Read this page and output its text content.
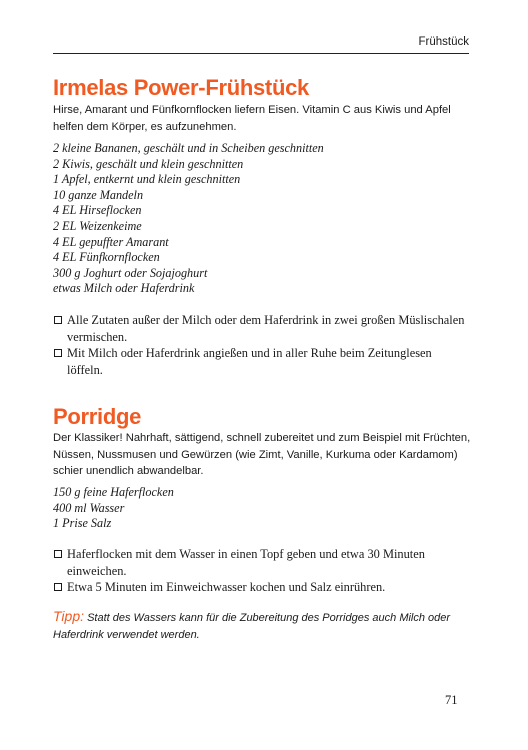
Frühstück
Irmelas Power-Frühstück
Hirse, Amarant und Fünfkornflocken liefern Eisen. Vitamin C aus Kiwis und Apfel helfen dem Körper, es aufzunehmen.
2 kleine Bananen, geschält und in Scheiben geschnitten
2 Kiwis, geschält und klein geschnitten
1 Apfel, entkernt und klein geschnitten
10 ganze Mandeln
4 EL Hirseflocken
2 EL Weizenkeime
4 EL gepuffter Amarant
4 EL Fünfkornflocken
300 g Joghurt oder Sojajoghurt
etwas Milch oder Haferdrink
Alle Zutaten außer der Milch oder dem Haferdrink in zwei großen Müslischalen vermischen.
Mit Milch oder Haferdrink angießen und in aller Ruhe beim Zeitunglesen löffeln.
Porridge
Der Klassiker! Nahrhaft, sättigend, schnell zubereitet und zum Beispiel mit Früchten, Nüssen, Nussmusen und Gewürzen (wie Zimt, Vanille, Kurkuma oder Kardamom) schier unendlich abwandelbar.
150 g feine Haferflocken
400 ml Wasser
1 Prise Salz
Haferflocken mit dem Wasser in einen Topf geben und etwa 30 Minuten einweichen.
Etwa 5 Minuten im Einweichwasser kochen und Salz einrühren.
Tipp: Statt des Wassers kann für die Zubereitung des Porridges auch Milch oder Haferdrink verwendet werden.
71
